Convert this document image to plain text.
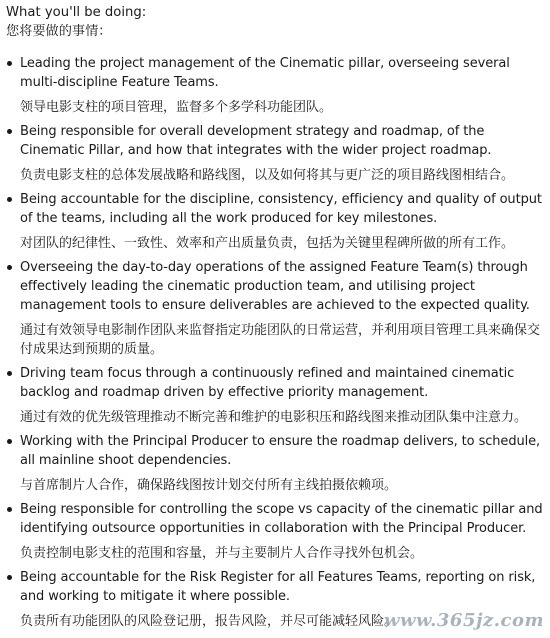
What you'll be doing:

您将要做的事情：

Leading the project management of the Cinematic pillar, overseeing several multi-discipline Feature Teams.

领导电影支柱的项目管理，监督多个多学科功能团队。

Being responsible for overall development strategy and roadmap, of the Cinematic Pillar, and how that integrates with the wider project roadmap.

负责电影支柱的总体发展战略和路线图，以及如何将其与更广泛的项目路线图相结合。

Being accountable for the discipline, consistency, efficiency and quality of output of the teams, including all the work produced for key milestones.

对团队的纪律性、一致性、效率和产出质量负责，包括为关键里程碑所做的所有工作。

Overseeing the day-to-day operations of the assigned Feature Team(s) through effectively leading the cinematic production team, and utilising project management tools to ensure deliverables are achieved to the expected quality.

通过有效领导电影制作团队来监督指定功能团队的日常运营，并利用项目管理工具来确保交付成果达到预期的质量。

Driving team focus through a continuously refined and maintained cinematic backlog and roadmap driven by effective priority management.

通过有效的优先级管理推动不断完善和维护的电影积压和路线图来推动团队集中注意力。

Working with the Principal Producer to ensure the roadmap delivers, to schedule, all mainline shoot dependencies.

与首席制片人合作，确保路线图按计划交付所有主线拍摄依赖项。

Being responsible for controlling the scope vs capacity of the cinematic pillar and identifying outsource opportunities in collaboration with the Principal Producer.

负责控制电影支柱的范围和容量，并与主要制片人合作寻找外包机会。

Being accountable for the Risk Register for all Features Teams, reporting on risk, and working to mitigate it where possible.

负责所有功能团队的风险登记册，报告风险，并尽可能减轻风险。

www.365jz.com
